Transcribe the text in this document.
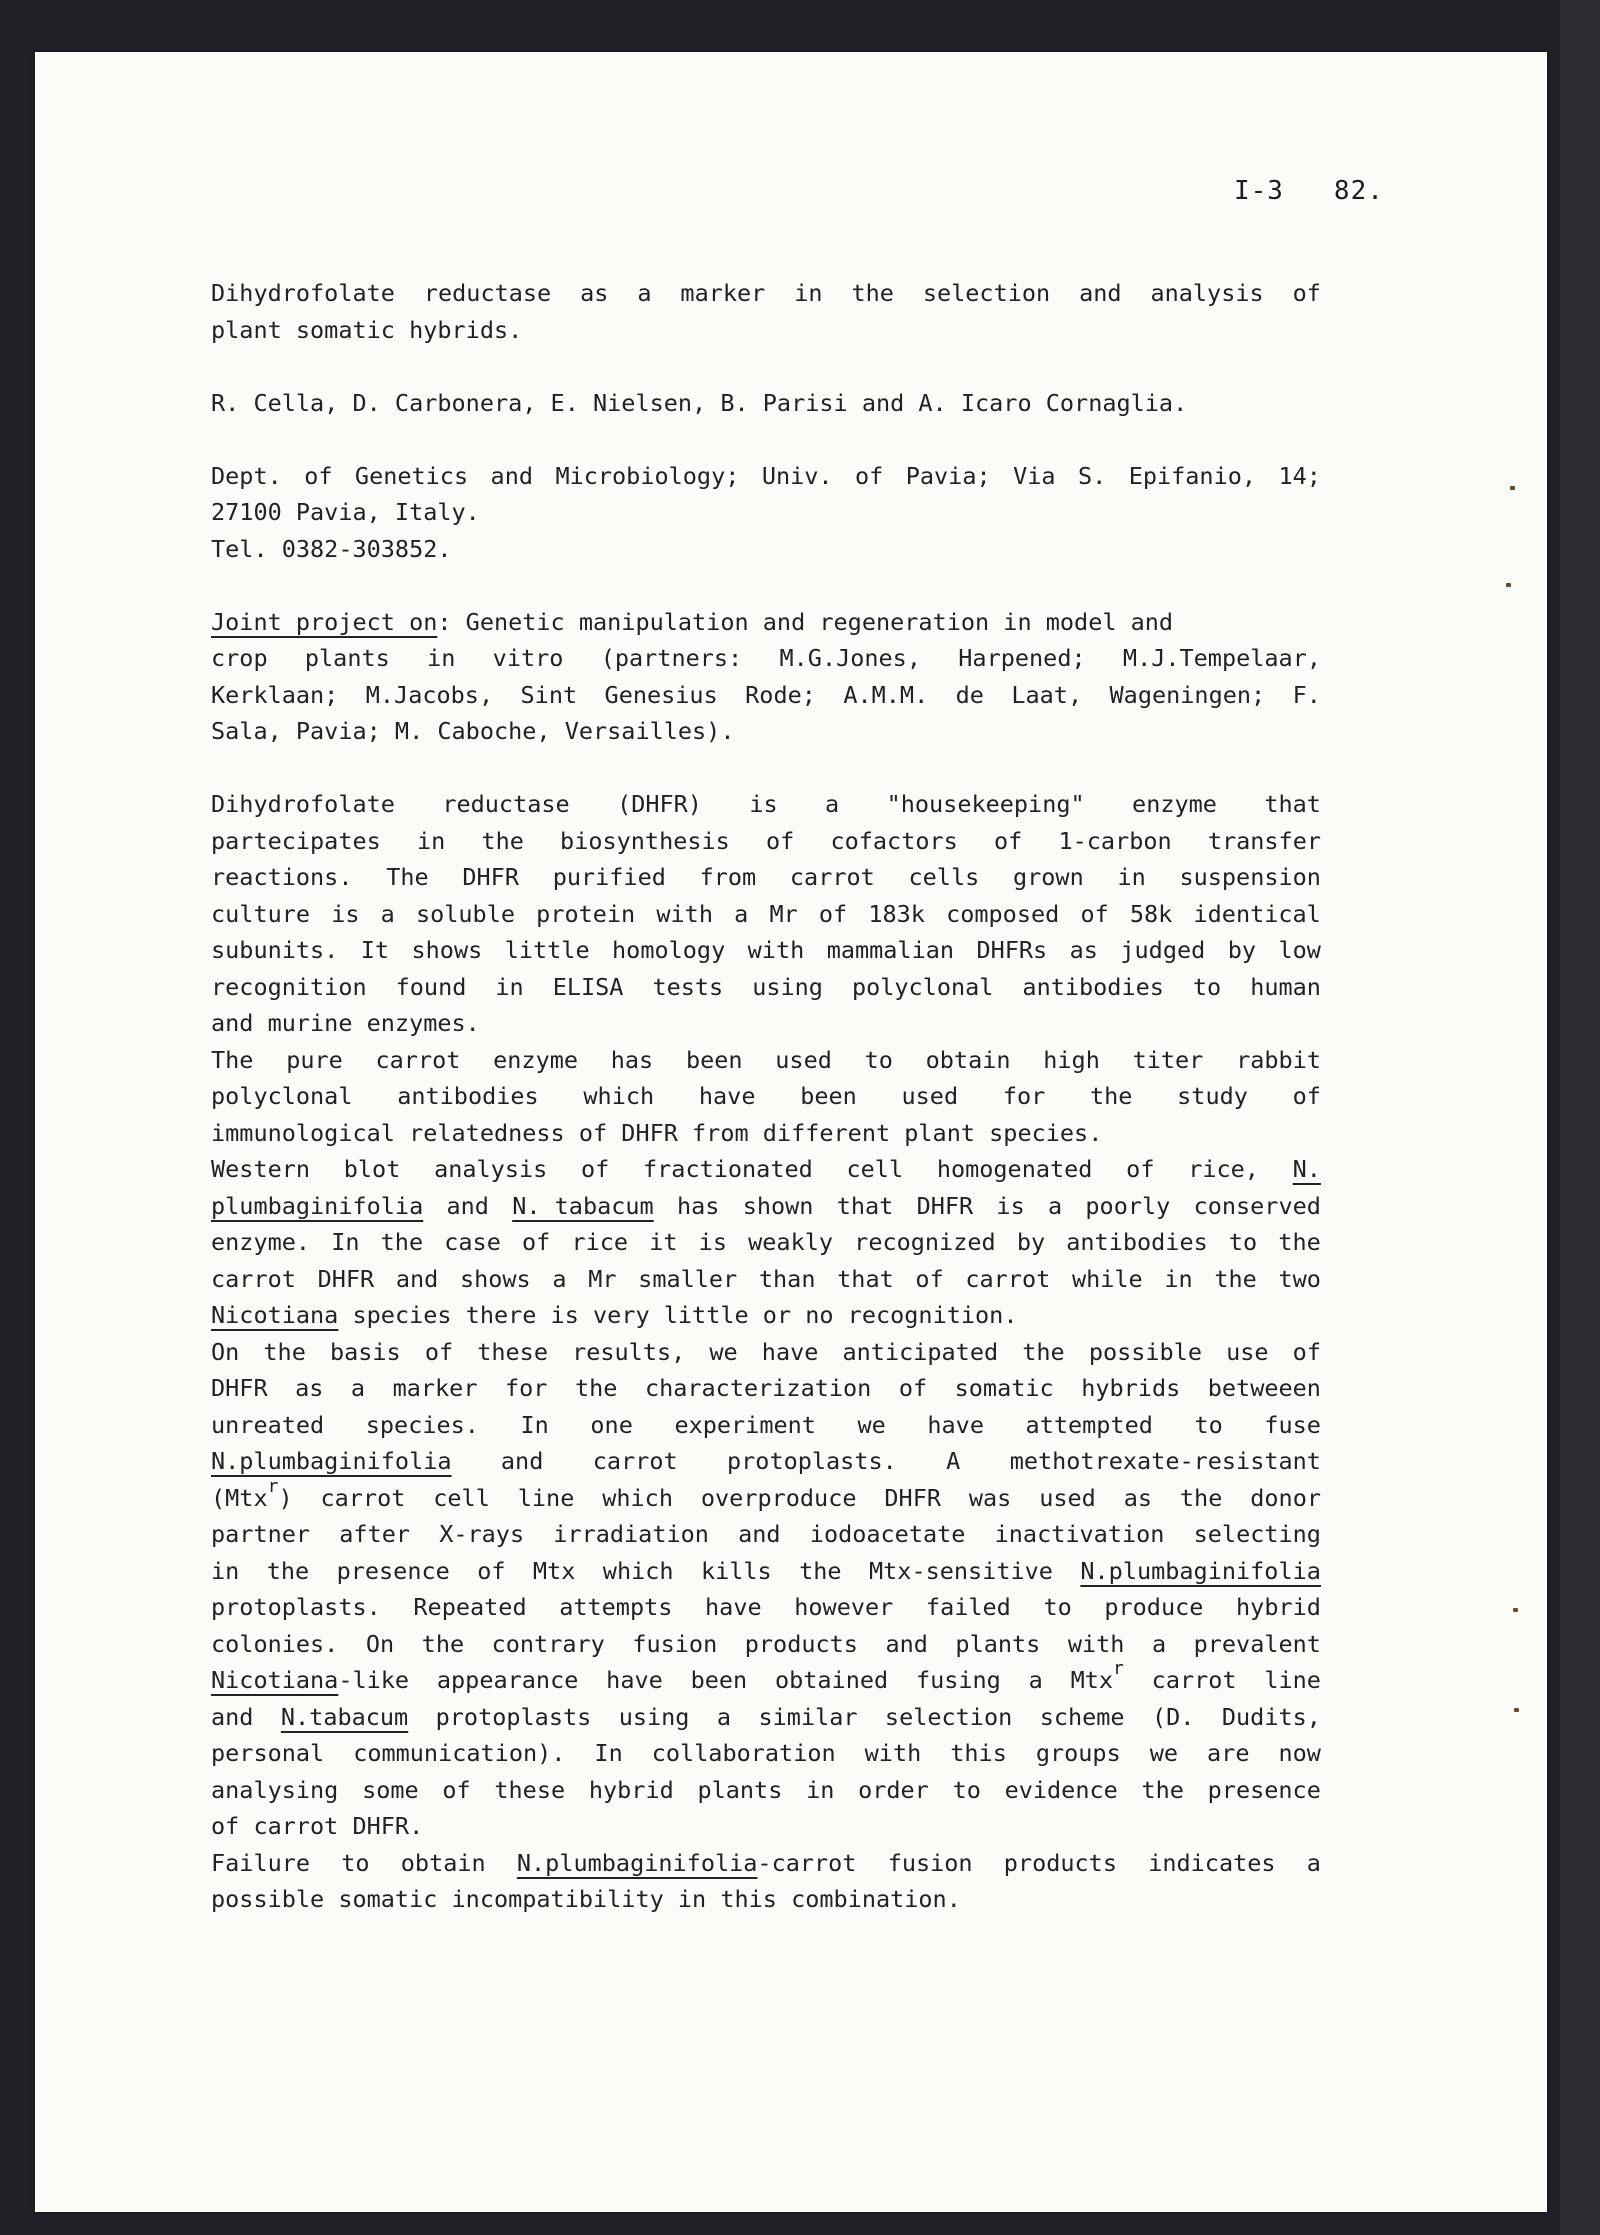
I-3   82.
Dihydrofolate reductase as a marker in the selection and analysis of
plant somatic hybrids.
R. Cella, D. Carbonera, E. Nielsen, B. Parisi and A. Icaro Cornaglia.
Dept. of Genetics and Microbiology; Univ. of Pavia; Via S. Epifanio, 14;
27100 Pavia, Italy.
Tel. 0382-303852.
Joint project on: Genetic manipulation and regeneration in model and
crop plants in vitro (partners: M.G.Jones, Harpened; M.J.Tempelaar,
Kerklaan; M.Jacobs, Sint Genesius Rode; A.M.M. de Laat, Wageningen; F.
Sala, Pavia; M. Caboche, Versailles).
Dihydrofolate reductase (DHFR) is a "housekeeping" enzyme that
partecipates in the biosynthesis of cofactors of 1-carbon transfer
reactions. The DHFR purified from carrot cells grown in suspension
culture is a soluble protein with a Mr of 183k composed of 58k identical
subunits. It shows little homology with mammalian DHFRs as judged by low
recognition found in ELISA tests using polyclonal antibodies to human
and murine enzymes.
The pure carrot enzyme has been used to obtain high titer rabbit
polyclonal antibodies which have been used for the study of
immunological relatedness of DHFR from different plant species.
Western blot analysis of fractionated cell homogenated of rice, N.
plumbaginifolia and N. tabacum has shown that DHFR is a poorly conserved
enzyme. In the case of rice it is weakly recognized by antibodies to the
carrot DHFR and shows a Mr smaller than that of carrot while in the two
Nicotiana
species there is very little or no recognition.
On the basis of these results, we have anticipated the possible use of
DHFR as a marker for the characterization of somatic hybrids betweeen
unreated species. In one experiment we have attempted to fuse
N.plumbaginifolia and carrot protoplasts. A methotrexate-resistant
(Mtx$^r$) carrot cell line which overproduce DHFR was used as the donor
partner after X-rays irradiation and iodoacetate inactivation selecting
in the presence of Mtx which kills the Mtx-sensitive N.plumbaginifolia
protoplasts. Repeated attempts have however failed to produce hybrid
colonies. On the contrary fusion products and plants with a prevalent
Nicotiana-like appearance have been obtained fusing a Mtx$^r$ carrot line
and N.tabacum protoplasts using a similar selection scheme (D. Dudits,
personal communication). In collaboration with this groups we are now
analysing some of these hybrid plants in order to evidence the presence
of carrot DHFR.
Failure to obtain N.plumbaginifolia-carrot fusion products indicates a
possible somatic incompatibility in this combination.
